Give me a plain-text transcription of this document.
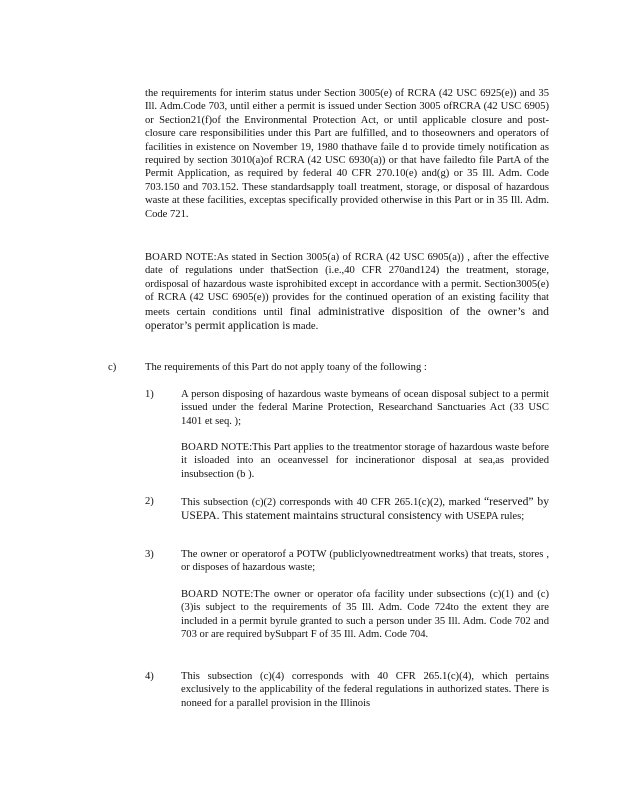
the requirements for interim status under Section 3005(e) of RCRA (42 USC 6925(e)) and 35 Ill. Adm.Code 703, until either a permit is issued under Section 3005 ofRCRA (42 USC 6905) or Section21(f)of the Environmental Protection Act, or until applicable closure and post-closure care responsibilities under this Part are fulfilled, and to thoseowners and operators of facilities in existence on November 19, 1980 thathave faile d to provide timely notification as required by section 3010(a)of RCRA (42 USC 6930(a)) or that have failedto file PartA of the Permit Application, as required by federal 40 CFR 270.10(e) and(g) or 35 Ill. Adm. Code 703.150 and 703.152. These standardsapply toall treatment, storage, or disposal of hazardous waste at these facilities, exceptas specifically provided otherwise in this Part or in 35 Ill. Adm. Code 721.

BOARD NOTE:As stated in Section 3005(a) of RCRA (42 USC 6905(a)) , after the effective date of regulations under thatSection (i.e.,40 CFR 270and124) the treatment, storage, ordisposal of hazardous waste isprohibited except in accordance with a permit. Section3005(e) of RCRA (42 USC 6905(e)) provides for the continued operation of an existing facility that meets certain conditions until final administrative disposition of the owner’s and operator’s permit application is made.

c)	The requirements of this Part do not apply toany of the following :

1)	A person disposing of hazardous waste bymeans of ocean disposal subject to a permit issued under the federal Marine Protection, Researchand Sanctuaries Act (33 USC 1401 et seq. );

BOARD NOTE:This Part applies to the treatmentor storage of hazardous waste before it isloaded into an oceanvessel for incinerationor disposal at sea,as provided insubsection (b ).

2)	This subsection (c)(2) corresponds with 40 CFR 265.1(c)(2), marked “reserved” by USEPA. This statement maintains structural consistency with USEPA rules;

3)	The owner or operatorof a POTW (publiclyownedtreatment works) that treats, stores , or disposes of hazardous waste;

BOARD NOTE:The owner or operator ofa facility under subsections (c)(1) and (c)(3)is subject to the requirements of 35 Ill. Adm. Code 724to the extent they are included in a permit byrule granted to such a person under 35 Ill. Adm. Code 702 and 703 or are required bySubpart F of 35 Ill. Adm. Code 704.

4)	This subsection (c)(4) corresponds with 40 CFR 265.1(c)(4), which pertains exclusively to the applicability of the federal regulations in authorized states. There is noneed for a parallel provision in the Illinois
